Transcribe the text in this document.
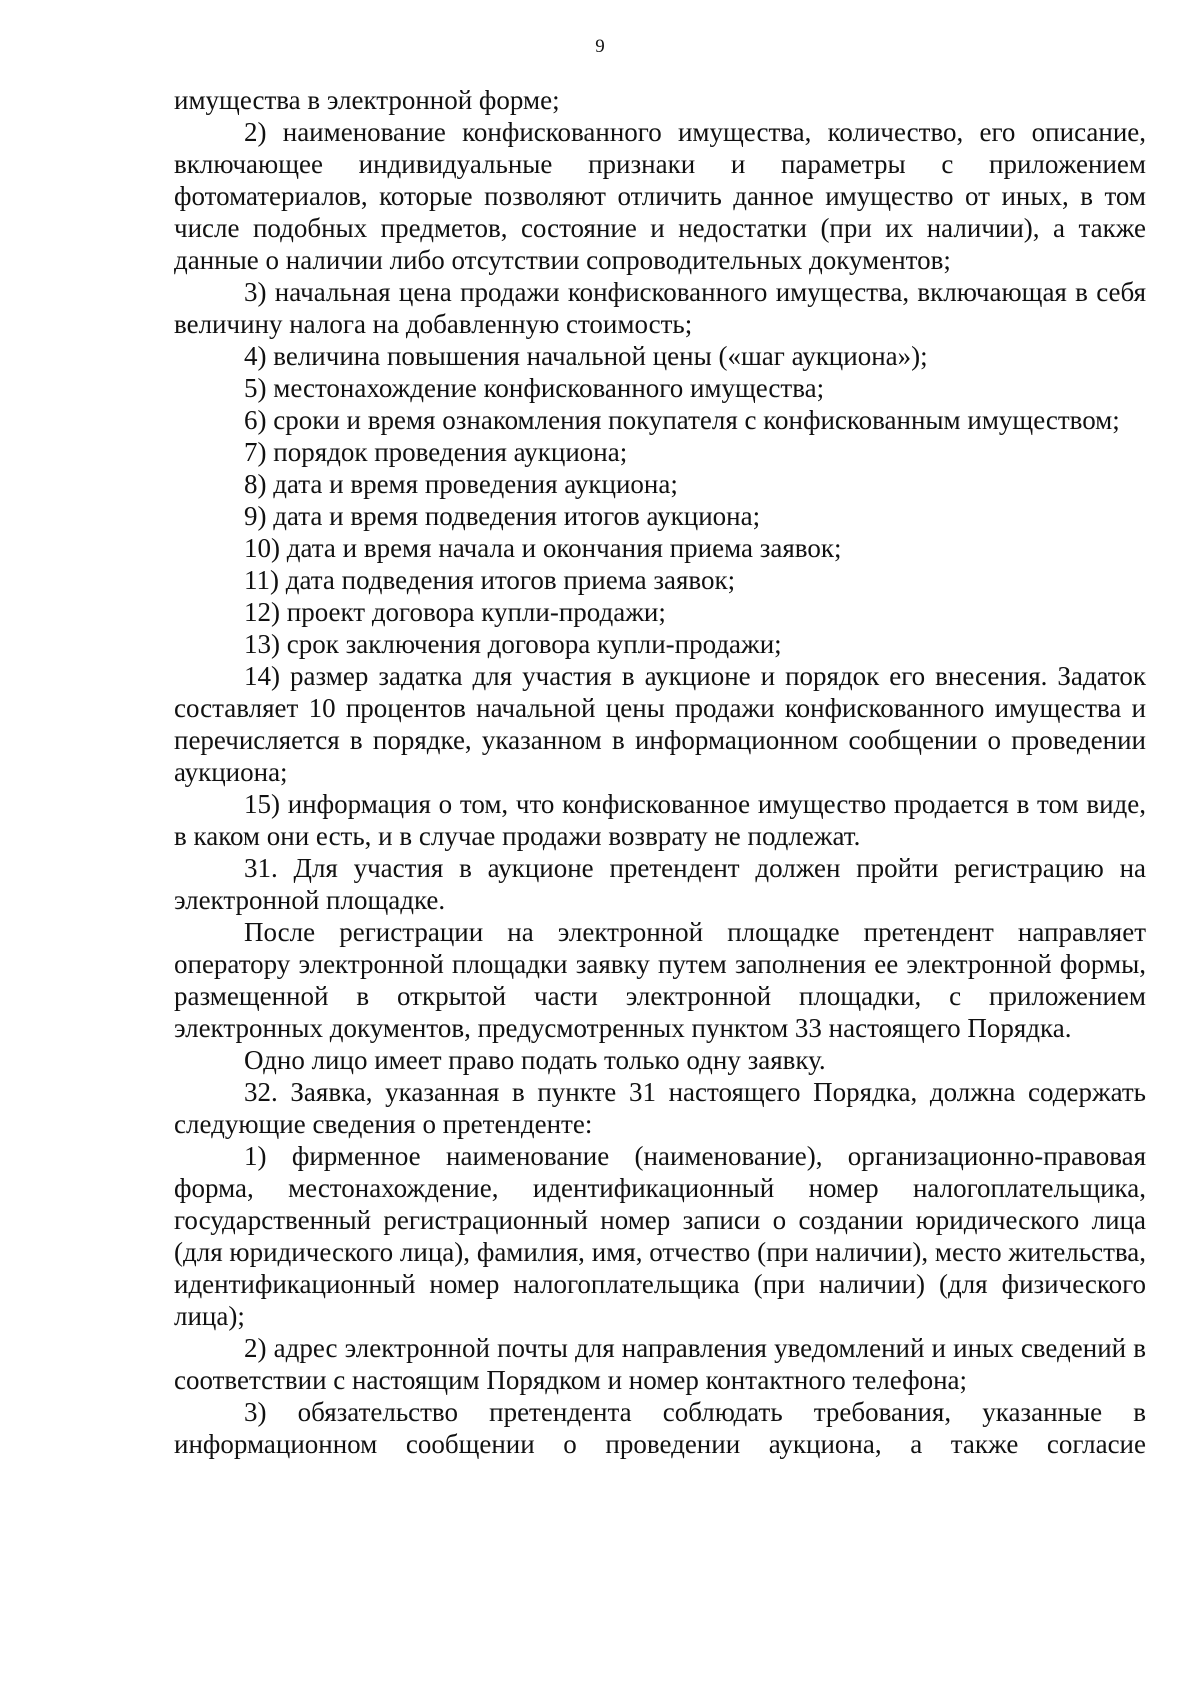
9

имущества в электронной форме;

2) наименование конфискованного имущества, количество, его описание, включающее индивидуальные признаки и параметры с приложением фотоматериалов, которые позволяют отличить данное имущество от иных, в том числе подобных предметов, состояние и недостатки (при их наличии), а также данные о наличии либо отсутствии сопроводительных документов;

3) начальная цена продажи конфискованного имущества, включающая в себя величину налога на добавленную стоимость;

4) величина повышения начальной цены («шаг аукциона»);

5) местонахождение конфискованного имущества;

6) сроки и время ознакомления покупателя с конфискованным имуществом;

7) порядок проведения аукциона;

8) дата и время проведения аукциона;

9) дата и время подведения итогов аукциона;

10) дата и время начала и окончания приема заявок;

11) дата подведения итогов приема заявок;

12) проект договора купли-продажи;

13) срок заключения договора купли-продажи;

14) размер задатка для участия в аукционе и порядок его внесения. Задаток составляет 10 процентов начальной цены продажи конфискованного имущества и перечисляется в порядке, указанном в информационном сообщении о проведении аукциона;

15) информация о том, что конфискованное имущество продается в том виде, в каком они есть, и в случае продажи возврату не подлежат.

31. Для участия в аукционе претендент должен пройти регистрацию на электронной площадке.

После регистрации на электронной площадке претендент направляет оператору электронной площадки заявку путем заполнения ее электронной формы, размещенной в открытой части электронной площадки, с приложением электронных документов, предусмотренных пунктом 33 настоящего Порядка.

Одно лицо имеет право подать только одну заявку.

32. Заявка, указанная в пункте 31 настоящего Порядка, должна содержать следующие сведения о претенденте:

1) фирменное наименование (наименование), организационно-правовая форма, местонахождение, идентификационный номер налогоплательщика, государственный регистрационный номер записи о создании юридического лица (для юридического лица), фамилия, имя, отчество (при наличии), место жительства, идентификационный номер налогоплательщика (при наличии) (для физического лица);

2) адрес электронной почты для направления уведомлений и иных сведений в соответствии с настоящим Порядком и номер контактного телефона;

3) обязательство претендента соблюдать требования, указанные в информационном сообщении о проведении аукциона, а также согласие
